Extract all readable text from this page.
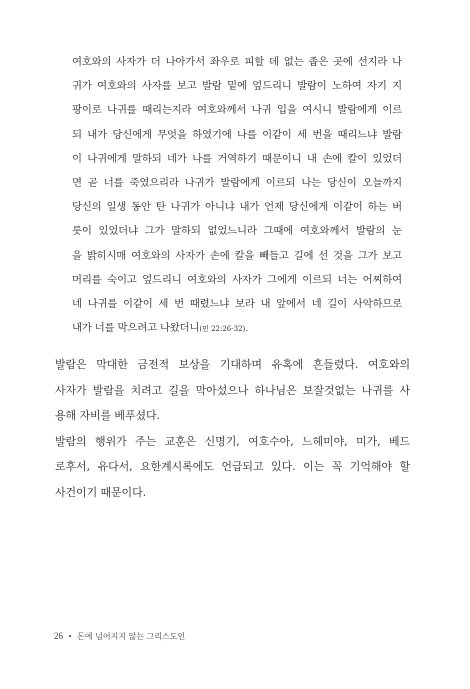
여호와의 사자가 더 나아가서 좌우로 피할 데 없는 좁은 곳에 선지라 나
귀가 여호와의 사자를 보고 발람 밑에 엎드리니 발람이 노하여 자기 지
팡이로 나귀를 때리는지라 여호와께서 나귀 입을 여시니 발람에게 이르
되 내가 당신에게 무엇을 하였기에 나를 이같이 세 번을 때리느냐 발람
이 나귀에게 말하되 네가 나를 거역하기 때문이니 내 손에 칼이 있었더
면 곧 너를 죽였으리라 나귀가 발람에게 이르되 나는 당신이 오늘까지
당신의 일생 동안 탄 나귀가 아니냐 내가 언제 당신에게 이같이 하는 버
릇이 있었더냐 그가 말하되 없었느니라 그때에 여호와께서 발람의 눈
을 밝히시매 여호와의 사자가 손에 칼을 빼들고 길에 선 것을 그가 보고
머리를 숙이고 엎드리니 여호와의 사자가 그에게 이르되 너는 어찌하여
네 나귀를 이같이 세 번 때렸느냐 보라 내 앞에서 네 길이 사악하므로
내가 너를 막으려고 나왔더니(민 22:26-32).
발람은 막대한 금전적 보상을 기대하며 유혹에 흔들렸다. 여호와의
사자가 발람을 치려고 길을 막아섰으나 하나님은 보잘것없는 나귀를 사
용해 자비를 베푸셨다.
발람의 행위가 주는 교훈은 신명기, 여호수아, 느헤미야, 미가, 베드
로후서, 유다서, 요한계시록에도 언급되고 있다. 이는 꼭 기억해야 할
사건이기 때문이다.
26 • 돈에 넘어지지 않는 그리스도인
